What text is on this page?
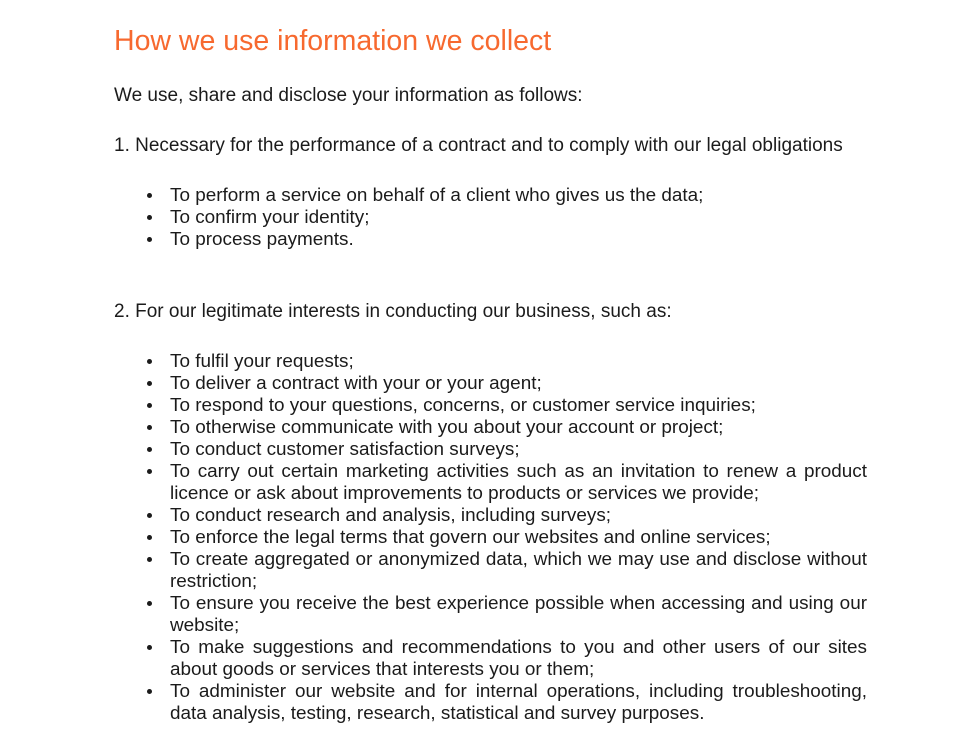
How we use information we collect

We use, share and disclose your information as follows:

1. Necessary for the performance of a contract and to comply with our legal obligations

To perform a service on behalf of a client who gives us the data;
To confirm your identity;
To process payments.

2. For our legitimate interests in conducting our business, such as:

To fulfil your requests;
To deliver a contract with your or your agent;
To respond to your questions, concerns, or customer service inquiries;
To otherwise communicate with you about your account or project;
To conduct customer satisfaction surveys;
To carry out certain marketing activities such as an invitation to renew a product licence or ask about improvements to products or services we provide;
To conduct research and analysis, including surveys;
To enforce the legal terms that govern our websites and online services;
To create aggregated or anonymized data, which we may use and disclose without restriction;
To ensure you receive the best experience possible when accessing and using our website;
To make suggestions and recommendations to you and other users of our sites about goods or services that interests you or them;
To administer our website and for internal operations, including troubleshooting, data analysis, testing, research, statistical and survey purposes.
